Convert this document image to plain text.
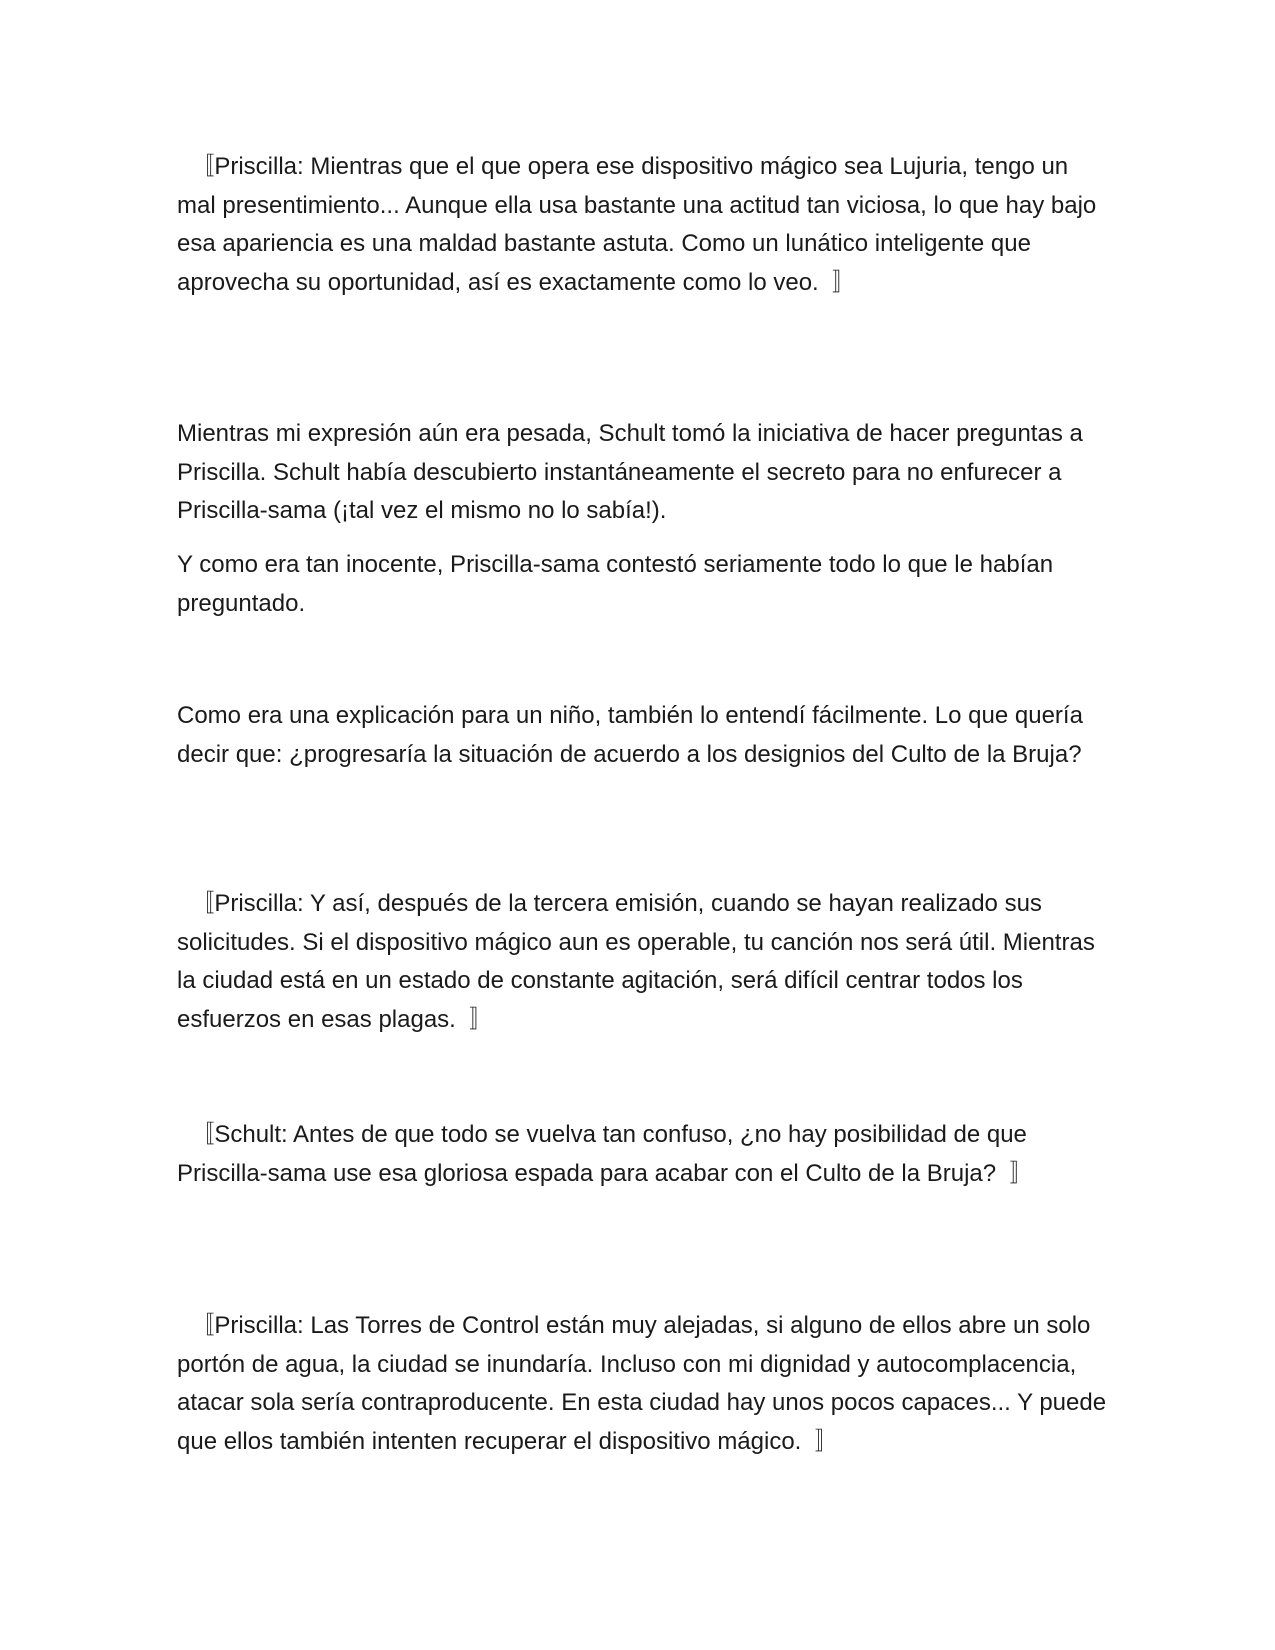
〚Priscilla: Mientras que el que opera ese dispositivo mágico sea Lujuria, tengo un mal presentimiento... Aunque ella usa bastante una actitud tan viciosa, lo que hay bajo esa apariencia es una maldad bastante astuta. Como un lunático inteligente que aprovecha su oportunidad, así es exactamente como lo veo.  〛

Mientras mi expresión aún era pesada, Schult tomó la iniciativa de hacer preguntas a Priscilla. Schult había descubierto instantáneamente el secreto para no enfurecer a Priscilla-sama (¡tal vez el mismo no lo sabía!).

Y como era tan inocente, Priscilla-sama contestó seriamente todo lo que le habían preguntado.

Como era una explicación para un niño, también lo entendí fácilmente. Lo que quería decir que: ¿progresaría la situación de acuerdo a los designios del Culto de la Bruja?

〚Priscilla: Y así, después de la tercera emisión, cuando se hayan realizado sus solicitudes. Si el dispositivo mágico aun es operable, tu canción nos será útil. Mientras la ciudad está en un estado de constante agitación, será difícil centrar todos los esfuerzos en esas plagas.  〛

〚Schult: Antes de que todo se vuelva tan confuso, ¿no hay posibilidad de que Priscilla-sama use esa gloriosa espada para acabar con el Culto de la Bruja?  〛

〚Priscilla: Las Torres de Control están muy alejadas, si alguno de ellos abre un solo portón de agua, la ciudad se inundaría. Incluso con mi dignidad y autocomplacencia, atacar sola sería contraproducente. En esta ciudad hay unos pocos capaces... Y puede que ellos también intenten recuperar el dispositivo mágico.  〛
